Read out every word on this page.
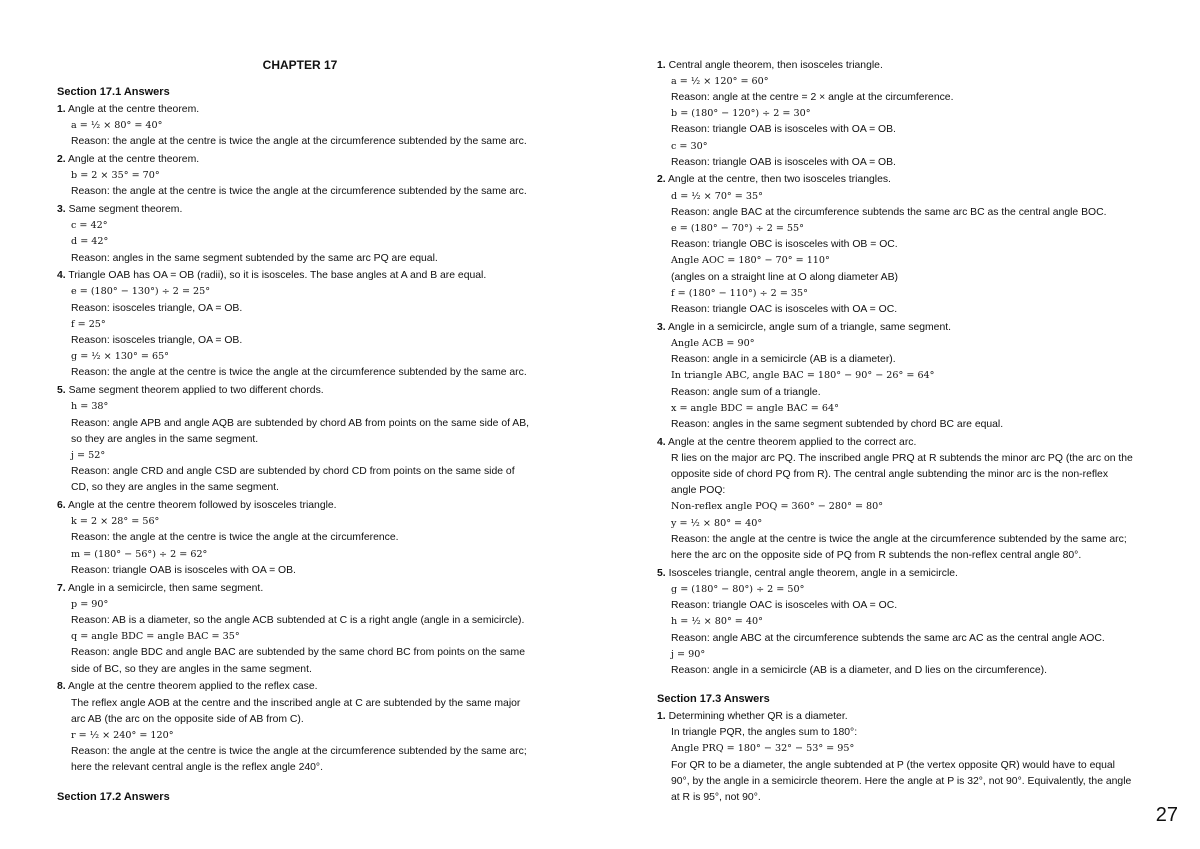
CHAPTER 17
Section 17.1 Answers
1. Angle at the centre theorem.
a = ½ × 80° = 40°
Reason: the angle at the centre is twice the angle at the circumference subtended by the same arc.
2. Angle at the centre theorem.
b = 2 × 35° = 70°
Reason: the angle at the centre is twice the angle at the circumference subtended by the same arc.
3. Same segment theorem.
c = 42°
d = 42°
Reason: angles in the same segment subtended by the same arc PQ are equal.
4. Triangle OAB has OA = OB (radii), so it is isosceles. The base angles at A and B are equal.
e = (180° − 130°) ÷ 2 = 25°
Reason: isosceles triangle, OA = OB.
f = 25°
Reason: isosceles triangle, OA = OB.
g = ½ × 130° = 65°
Reason: the angle at the centre is twice the angle at the circumference subtended by the same arc.
5. Same segment theorem applied to two different chords.
h = 38°
Reason: angle APB and angle AQB are subtended by chord AB from points on the same side of AB,
so they are angles in the same segment.
j = 52°
Reason: angle CRD and angle CSD are subtended by chord CD from points on the same side of
CD, so they are angles in the same segment.
6. Angle at the centre theorem followed by isosceles triangle.
k = 2 × 28° = 56°
Reason: the angle at the centre is twice the angle at the circumference.
m = (180° − 56°) ÷ 2 = 62°
Reason: triangle OAB is isosceles with OA = OB.
7. Angle in a semicircle, then same segment.
p = 90°
Reason: AB is a diameter, so the angle ACB subtended at C is a right angle (angle in a semicircle).
q = angle BDC = angle BAC = 35°
Reason: angle BDC and angle BAC are subtended by the same chord BC from points on the same
side of BC, so they are angles in the same segment.
8. Angle at the centre theorem applied to the reflex case.
The reflex angle AOB at the centre and the inscribed angle at C are subtended by the same major
arc AB (the arc on the opposite side of AB from C).
r = ½ × 240° = 120°
Reason: the angle at the centre is twice the angle at the circumference subtended by the same arc;
here the relevant central angle is the reflex angle 240°.
Section 17.2 Answers
1. Central angle theorem, then isosceles triangle.
a = ½ × 120° = 60°
Reason: angle at the centre = 2 × angle at the circumference.
b = (180° − 120°) ÷ 2 = 30°
Reason: triangle OAB is isosceles with OA = OB.
c = 30°
Reason: triangle OAB is isosceles with OA = OB.
2. Angle at the centre, then two isosceles triangles.
d = ½ × 70° = 35°
Reason: angle BAC at the circumference subtends the same arc BC as the central angle BOC.
e = (180° − 70°) ÷ 2 = 55°
Reason: triangle OBC is isosceles with OB = OC.
Angle AOC = 180° − 70° = 110°
(angles on a straight line at O along diameter AB)
f = (180° − 110°) ÷ 2 = 35°
Reason: triangle OAC is isosceles with OA = OC.
3. Angle in a semicircle, angle sum of a triangle, same segment.
Angle ACB = 90°
Reason: angle in a semicircle (AB is a diameter).
In triangle ABC, angle BAC = 180° − 90° − 26° = 64°
Reason: angle sum of a triangle.
x = angle BDC = angle BAC = 64°
Reason: angles in the same segment subtended by chord BC are equal.
4. Angle at the centre theorem applied to the correct arc.
R lies on the major arc PQ. The inscribed angle PRQ at R subtends the minor arc PQ (the arc on the
opposite side of chord PQ from R). The central angle subtending the minor arc is the non-reflex
angle POQ:
Non-reflex angle POQ = 360° − 280° = 80°
y = ½ × 80° = 40°
Reason: the angle at the centre is twice the angle at the circumference subtended by the same arc;
here the arc on the opposite side of PQ from R subtends the non-reflex central angle 80°.
5. Isosceles triangle, central angle theorem, angle in a semicircle.
g = (180° − 80°) ÷ 2 = 50°
Reason: triangle OAC is isosceles with OA = OC.
h = ½ × 80° = 40°
Reason: angle ABC at the circumference subtends the same arc AC as the central angle AOC.
j = 90°
Reason: angle in a semicircle (AB is a diameter, and D lies on the circumference).
Section 17.3 Answers
1. Determining whether QR is a diameter.
In triangle PQR, the angles sum to 180°:
Angle PRQ = 180° − 32° − 53° = 95°
For QR to be a diameter, the angle subtended at P (the vertex opposite QR) would have to equal
90°, by the angle in a semicircle theorem. Here the angle at P is 32°, not 90°. Equivalently, the angle
at R is 95°, not 90°.
27
